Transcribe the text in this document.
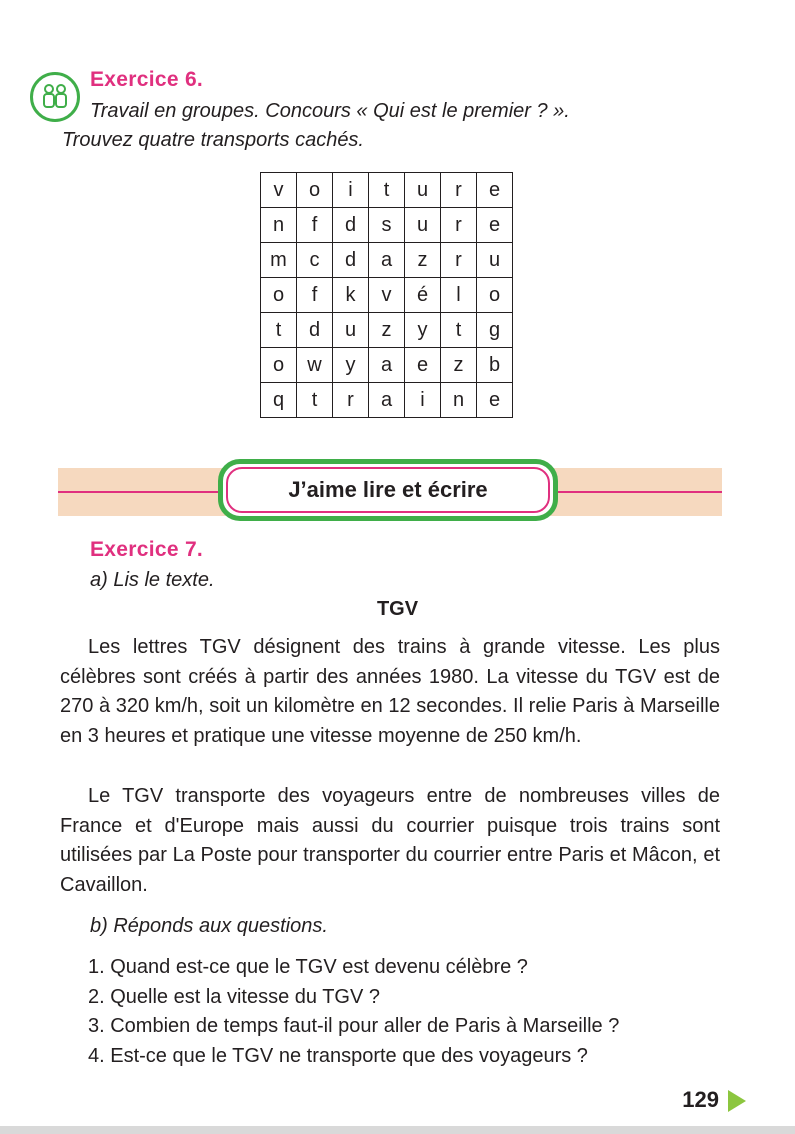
Exercice 6.
Travail en groupes. Concours « Qui est le premier ? ».
Trouvez quatre transports cachés.
v	o	i	t	u	r	e
n	f	d	s	u	r	e
m	c	d	a	z	r	u
o	f	k	v	é	l	o
t	d	u	z	y	t	g
o	w	y	a	e	z	b
q	t	r	a	i	n	e
J’aime lire et écrire
Exercice 7.
a) Lis le texte.
TGV

Les lettres TGV désignent des trains à grande vitesse. Les plus célèbres sont créés à partir des années 1980. La vitesse du TGV est de 270 à 320 km/h, soit un kilomètre en 12 secondes. Il relie Paris à Marseille en 3 heures et pratique une vitesse moyenne de 250 km/h.

Le TGV transporte des voyageurs entre de nombreuses villes de France et d'Europe mais aussi du courrier puisque trois trains sont utilisées par La Poste pour transporter du courrier entre Paris et Mâcon, et Cavaillon.

b) Réponds aux questions.
1. Quand est-ce que le TGV est devenu célèbre ?
2. Quelle est la vitesse du TGV ?
3. Combien de temps faut-il pour aller de Paris à Marseille ?
4. Est-ce que le TGV ne transporte que des voyageurs ?
129
